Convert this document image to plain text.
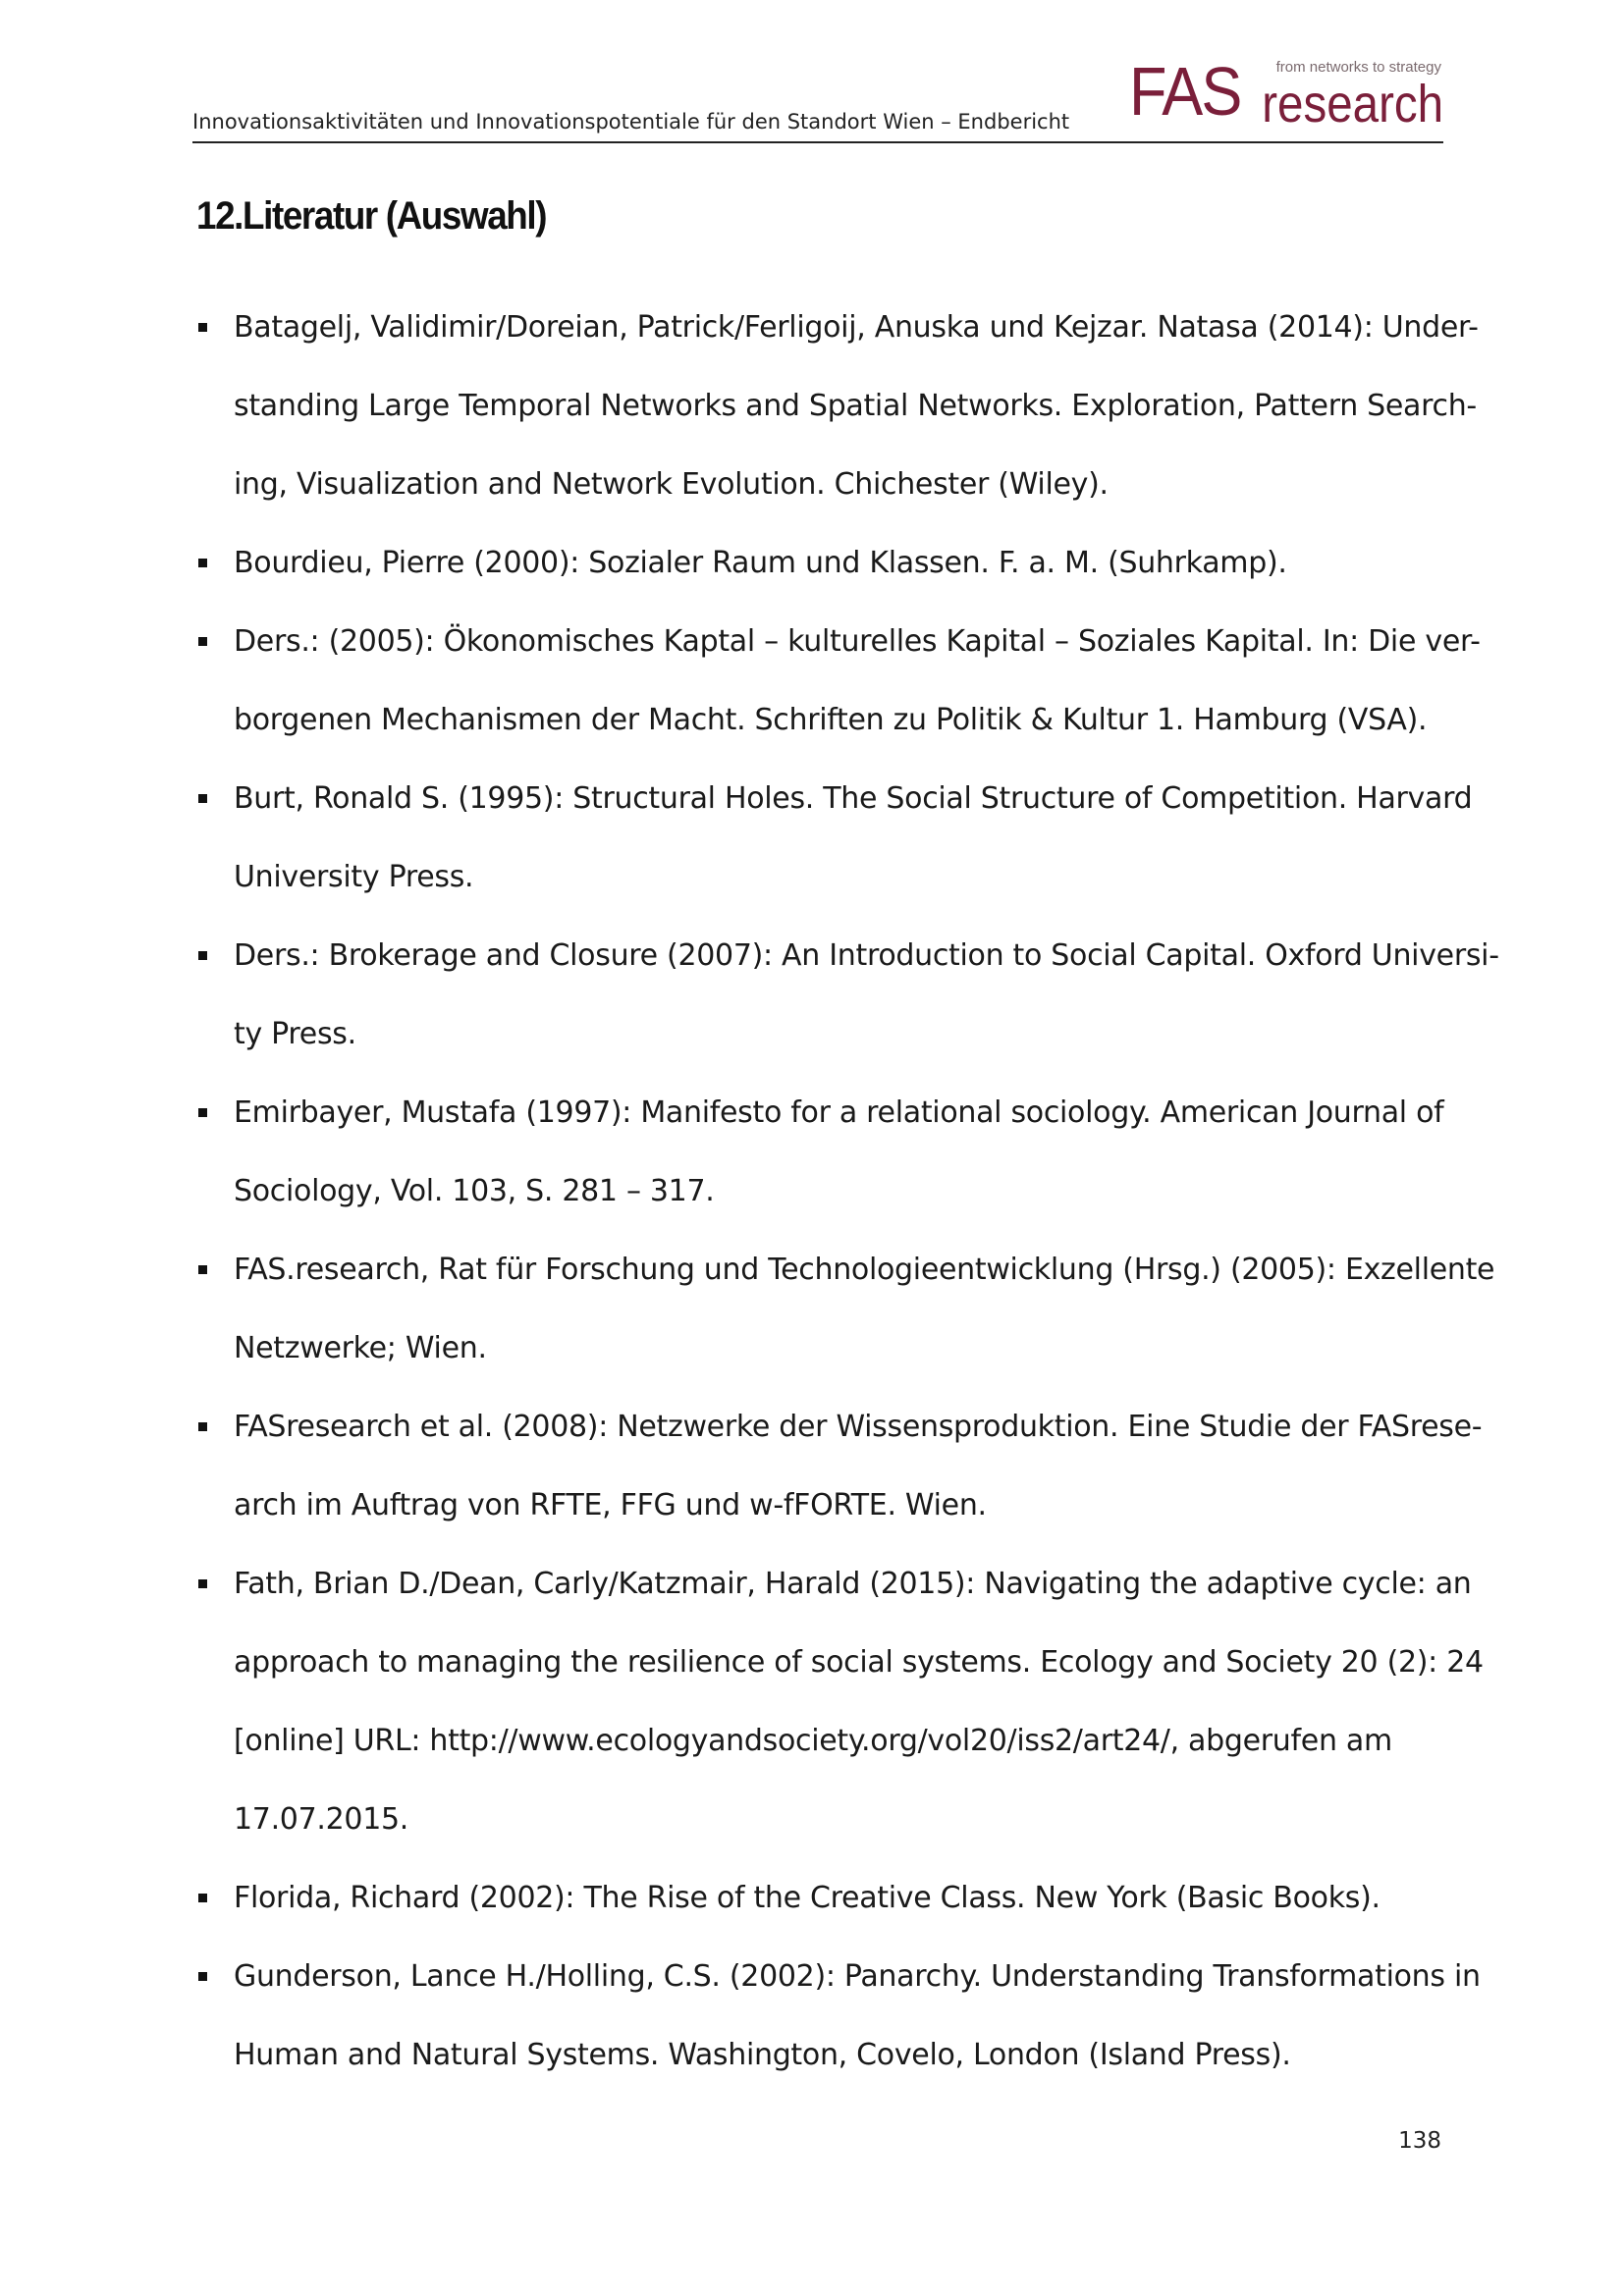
Innovationsaktivitäten und Innovationspotentiale für den Standort Wien – Endbericht FAS from networks to strategy
research
12.Literatur (Auswahl)
Batagelj, Validimir/Doreian, Patrick/Ferligoij, Anuska und Kejzar. Natasa (2014): Under-
standing Large Temporal Networks and Spatial Networks. Exploration, Pattern Search-
ing, Visualization and Network Evolution. Chichester (Wiley).
Bourdieu, Pierre (2000): Sozialer Raum und Klassen. F. a. M. (Suhrkamp).
Ders.: (2005): Ökonomisches Kaptal – kulturelles Kapital – Soziales Kapital. In: Die ver-
borgenen Mechanismen der Macht. Schriften zu Politik & Kultur 1. Hamburg (VSA).
Burt, Ronald S. (1995): Structural Holes. The Social Structure of Competition. Harvard
University Press.
Ders.: Brokerage and Closure (2007): An Introduction to Social Capital. Oxford Universi-
ty Press.
Emirbayer, Mustafa (1997): Manifesto for a relational sociology. American Journal of
Sociology, Vol. 103, S. 281 – 317.
FAS.research, Rat für Forschung und Technologieentwicklung (Hrsg.) (2005): Exzellente
Netzwerke; Wien.
FASresearch et al. (2008): Netzwerke der Wissensproduktion. Eine Studie der FASrese-
arch im Auftrag von RFTE, FFG und w-fFORTE. Wien.
Fath, Brian D./Dean, Carly/Katzmair, Harald (2015): Navigating the adaptive cycle: an
approach to managing the resilience of social systems. Ecology and Society 20 (2): 24
[online] URL: http://www.ecologyandsociety.org/vol20/iss2/art24/, abgerufen am
17.07.2015.
Florida, Richard (2002): The Rise of the Creative Class. New York (Basic Books).
Gunderson, Lance H./Holling, C.S. (2002): Panarchy. Understanding Transformations in
Human and Natural Systems. Washington, Covelo, London (Island Press).
138
